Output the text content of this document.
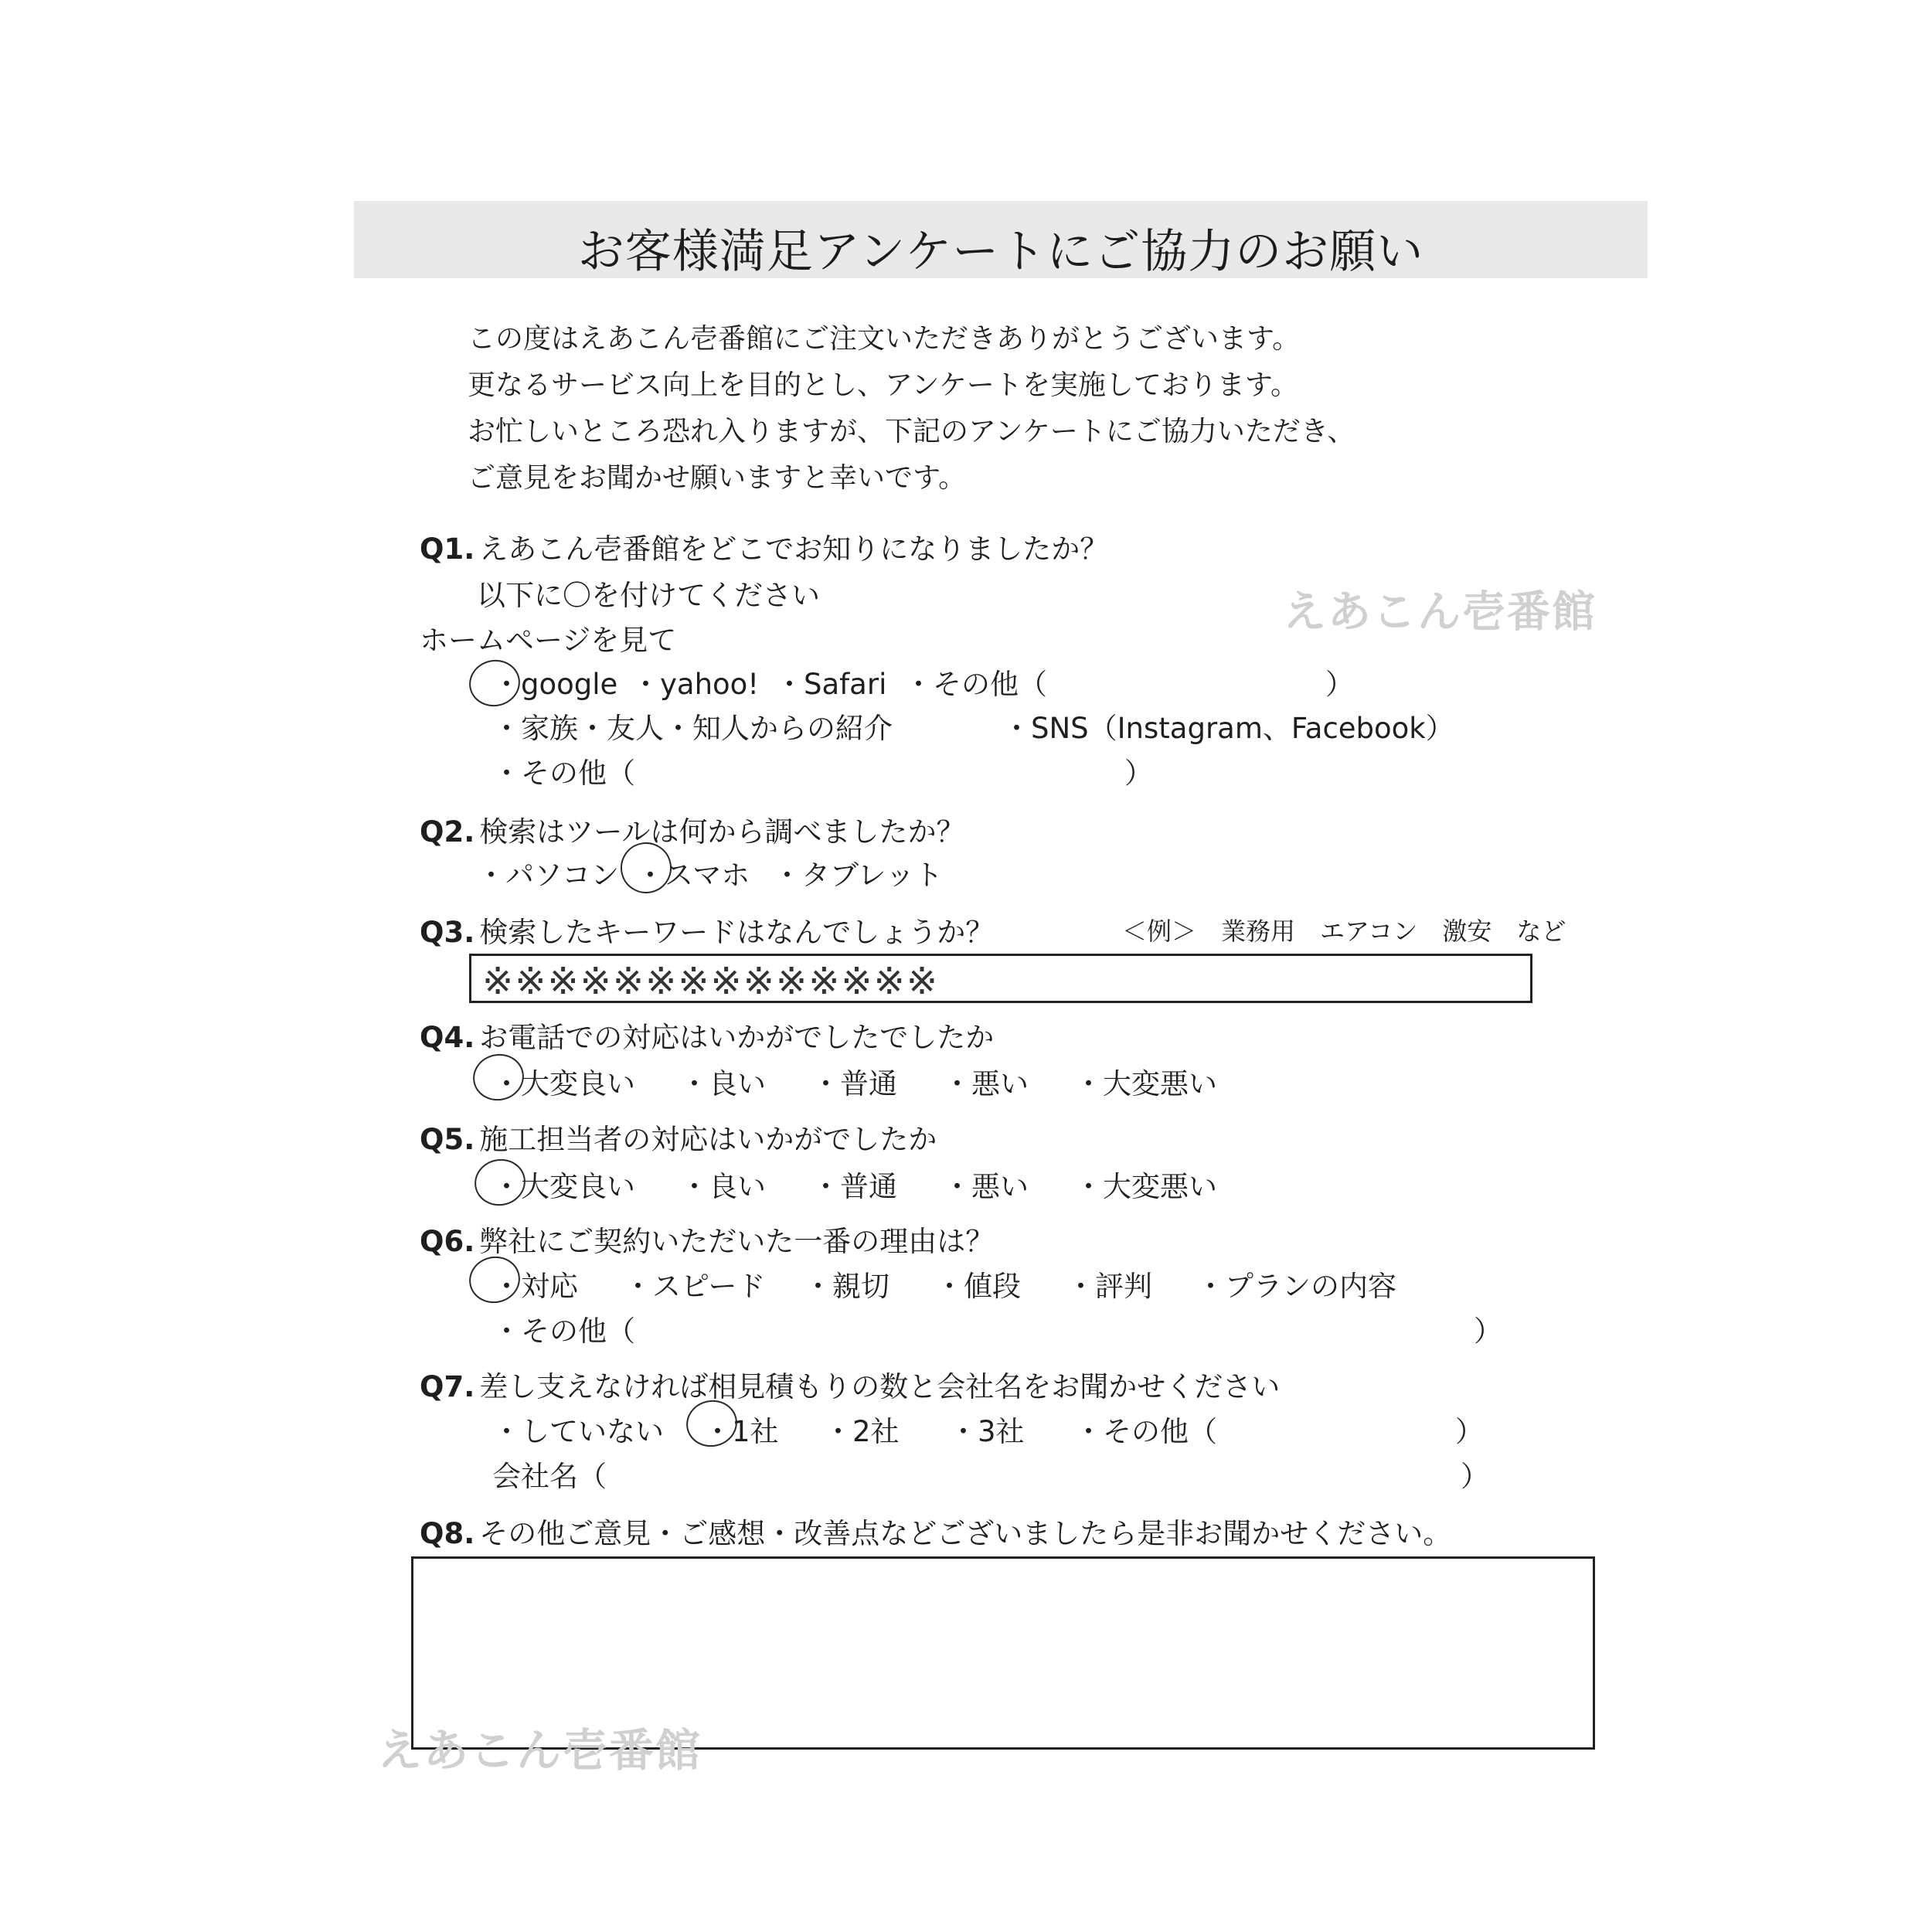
お客様満足アンケートにご協力のお願い
この度はえあこん壱番館にご注文いただきありがとうございます。
更なるサービス向上を目的とし、アンケートを実施しております。
お忙しいところ恐れ入りますが、下記のアンケートにご協力いただき、
ご意見をお聞かせ願いますと幸いです。
えあこん壱番館
Q1. えあこん壱番館をどこでお知りになりましたか？
以下に〇を付けてください
ホームページを見て
・google ・yahoo! ・Safari ・その他（	）
・家族・友人・知人からの紹介	・SNS（Instagram、Facebook）
・その他（	）
Q2. 検索はツールは何から調べましたか？
・パソコン ・スマホ ・タブレット
Q3. 検索したキーワードはなんでしょうか？	＜例＞　業務用　エアコン　激安　など
※※※※※※※※※※※※※※
Q4. お電話での対応はいかがでしたでしたか
・大変良い ・良い ・普通 ・悪い ・大変悪い
Q5. 施工担当者の対応はいかがでしたか
・大変良い ・良い ・普通 ・悪い ・大変悪い
Q6. 弊社にご契約いただいた一番の理由は？
・対応 ・スピード ・親切 ・値段 ・評判 ・プランの内容
・その他（	）
Q7. 差し支えなければ相見積もりの数と会社名をお聞かせください
・していない ・1社 ・2社 ・3社 ・その他（	）
会社名（	）
Q8. その他ご意見・ご感想・改善点などございましたら是非お聞かせください。
えあこん壱番館
